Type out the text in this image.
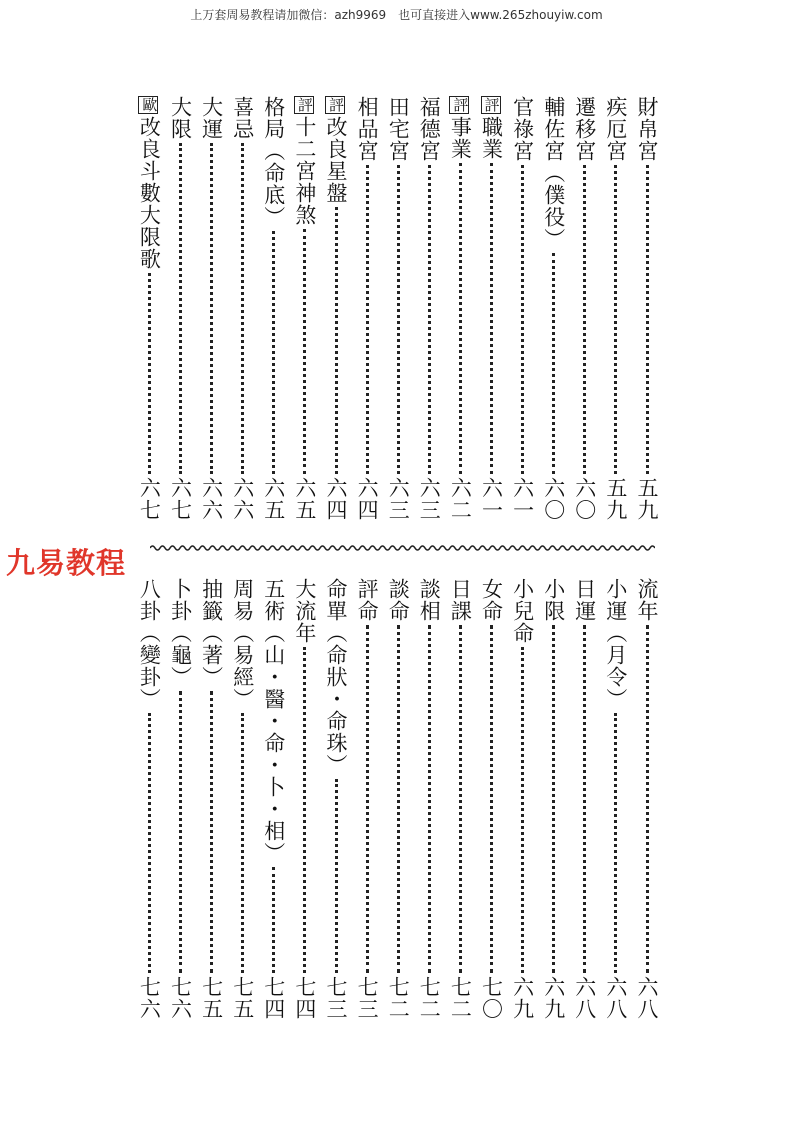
上万套周易教程请加微信：azh9969　也可直接进入www.265zhouyiw.com
財帛宮
五九
疾厄宮
五九
遷移宮
六〇
輔佐宮（僕役）
六〇
官祿宮
六一
評職業
六一
評事業
六二
福德宮
六三
田宅宮
六三
相品宮
六四
評改良星盤
六四
評十二宮神煞
六五
格局（命底）
六五
喜忌
六六
大運
六六
大限
六七
歐改良斗數大限歌
六七
九易教程
流年
六八
小運（月令）
六八
日運
六八
小限
六九
小兒命
六九
女命
七〇
日課
七二
談相
七二
談命
七二
評命
七三
命單（命狀・命珠）
七三
大流年
七四
五術（山・醫・命・卜・相）
七四
周易（易經）
七五
抽籤（著）
七五
卜卦（龜）
七六
八卦（變卦）
七六
